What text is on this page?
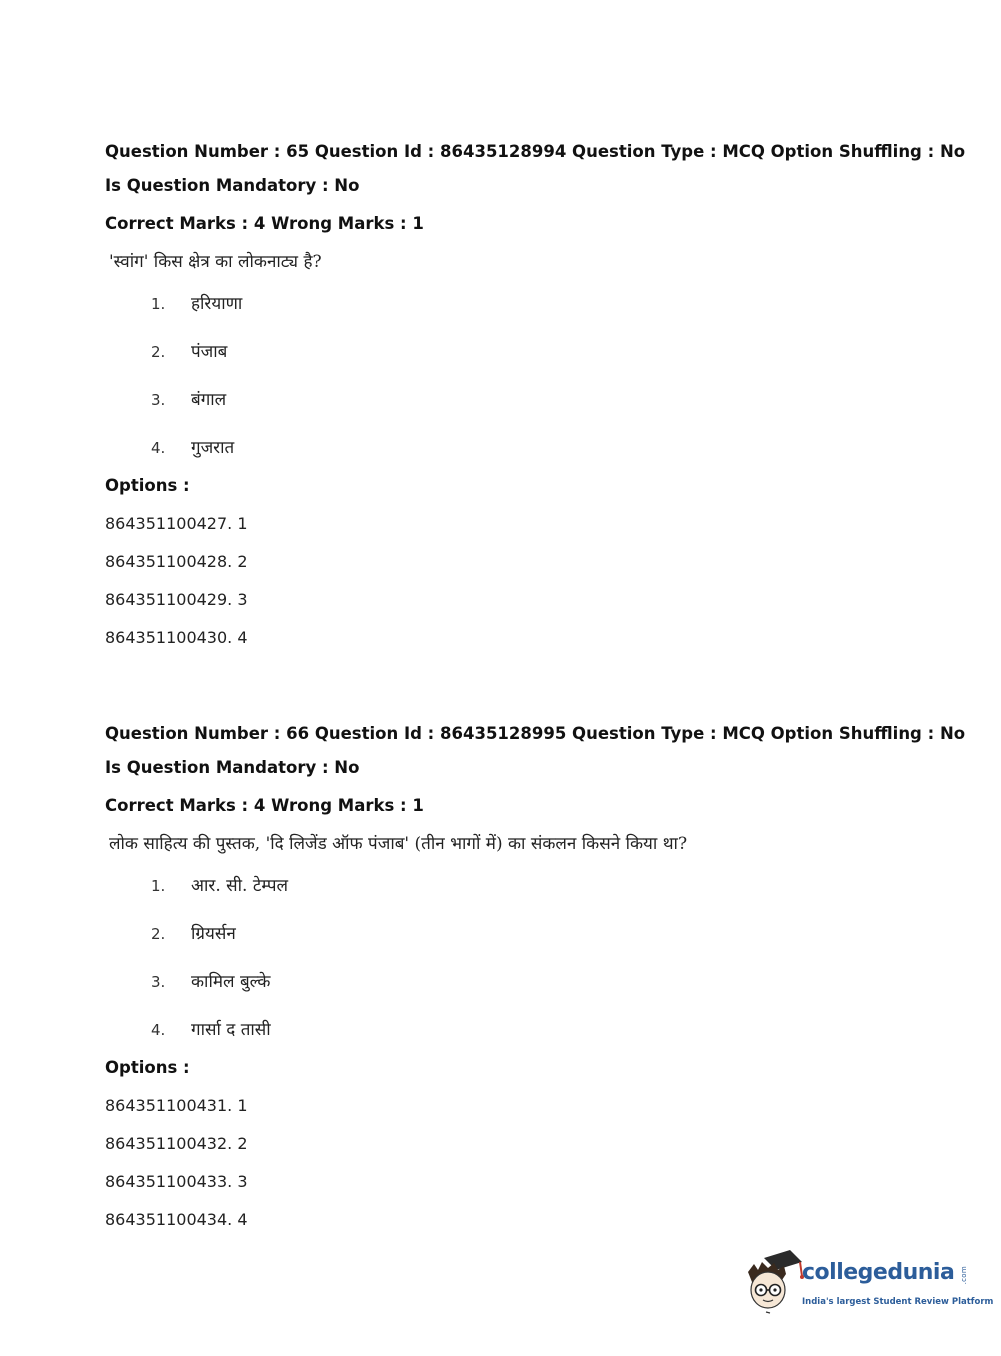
Question Number : 65 Question Id : 86435128994 Question Type : MCQ Option Shuffling : No
Is Question Mandatory : No
Correct Marks : 4 Wrong Marks : 1
'स्वांग' किस क्षेत्र का लोकनाट्य है?
1.	हरियाणा
2.	पंजाब
3.	बंगाल
4.	गुजरात
Options :
864351100427. 1
864351100428. 2
864351100429. 3
864351100430. 4
Question Number : 66 Question Id : 86435128995 Question Type : MCQ Option Shuffling : No
Is Question Mandatory : No
Correct Marks : 4 Wrong Marks : 1
लोक साहित्य की पुस्तक, 'दि लिजेंड ऑफ पंजाब' (तीन भागों में) का संकलन किसने किया था?
1.	आर. सी. टेम्पल
2.	ग्रियर्सन
3.	कामिल बुल्के
4.	गार्सा द तासी
Options :
864351100431. 1
864351100432. 2
864351100433. 3
864351100434. 4
collegedunia .com
India's largest Student Review Platform
